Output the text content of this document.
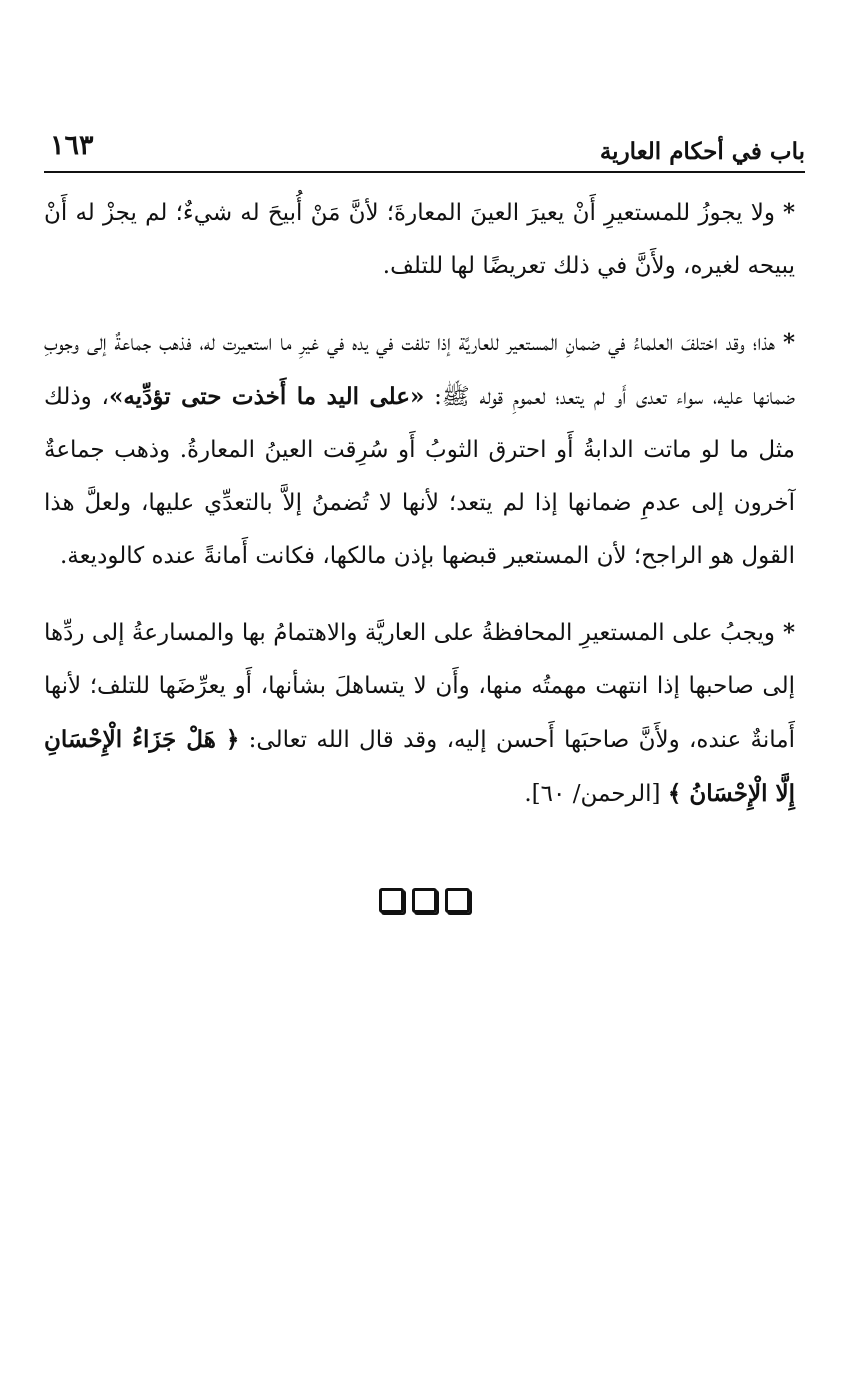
باب في أحكام العارية
١٦٣

*ولا يجوزُ للمستعيرِ أَنْ يعيرَ العينَ المعارةَ؛ لأنَّ مَنْ أُبيحَ له شيءٌ؛ لم يجزْ له أَنْ يبيحه لغيره، ولأَنَّ في ذلك تعريضًا لها للتلف.

*هذا؛ وقد اختلفَ العلماءُ في ضمانِ المستعير للعاريَّة إذا تلفت في يده في غيرِ ما استعيرت له، فذهب جماعةٌ إلى وجوبِ ضمانها عليه، سواء تعدى أَو لم يتعد؛ لعمومِ قوله ﷺ: «على اليد ما أَخذت حتى تؤدِّيه»، وذلك مثل ما لو ماتت الدابةُ أَو احترق الثوبُ أَو سُرِقت العينُ المعارةُ. وذهب جماعةٌ آخرون إلى عدمِ ضمانها إذا لم يتعد؛ لأنها لا تُضمنُ إلاَّ بالتعدِّي عليها، ولعلَّ هذا القول هو الراجح؛ لأن المستعير قبضها بإذن مالكها، فكانت أَمانةً عنده كالوديعة.

*ويجبُ على المستعيرِ المحافظةُ على العاريَّة والاهتمامُ بها والمسارعةُ إلى ردِّها إلى صاحبها إذا انتهت مهمتُه منها، وأَن لا يتساهلَ بشأنها، أَو يعرِّضَها للتلف؛ لأنها أَمانةٌ عنده، ولأَنَّ صاحبَها أَحسن إليه، وقد قال الله تعالى: ﴿ هَلْ جَزَاءُ الْإِحْسَانِ إِلَّا الْإِحْسَانُ ﴾ [الرحمن/ ٦٠].
